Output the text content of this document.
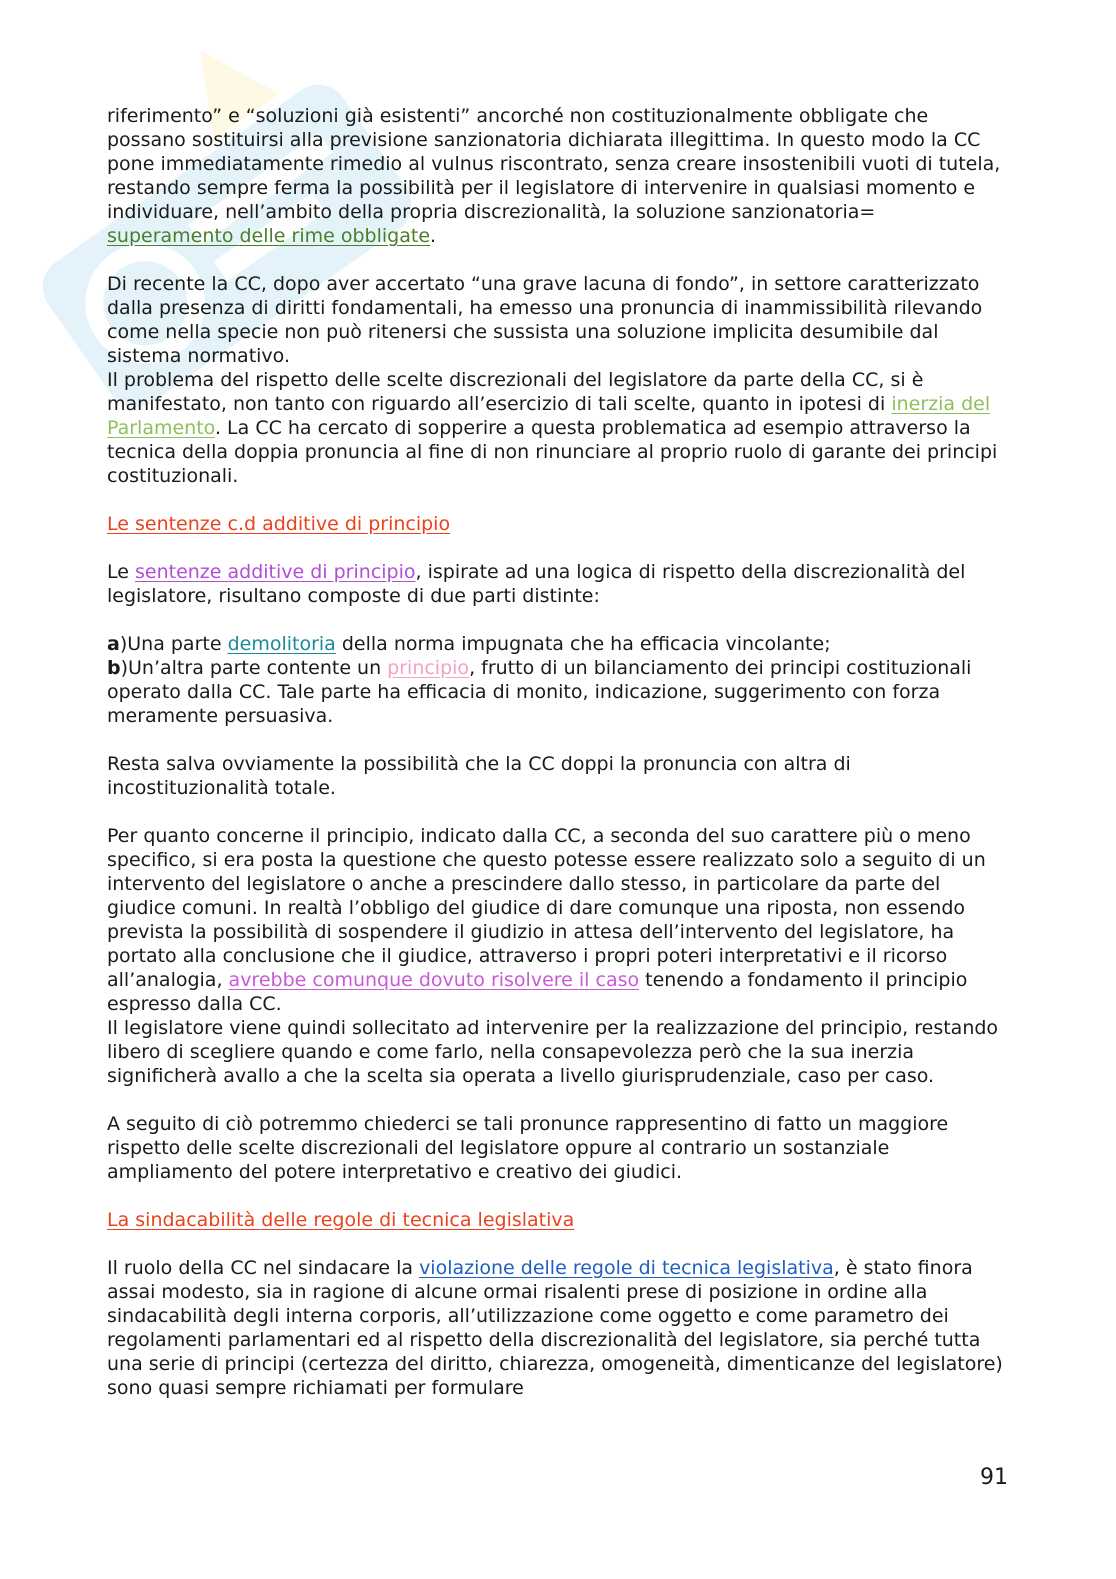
riferimento” e “soluzioni già esistenti” ancorché non costituzionalmente obbligate che possano sostituirsi alla previsione sanzionatoria dichiarata illegittima. In questo modo la CC pone immediatamente rimedio al vulnus riscontrato, senza creare insostenibili vuoti di tutela, restando sempre ferma la possibilità per il legislatore di intervenire in qualsiasi momento e individuare, nell’ambito della propria discrezionalità, la soluzione sanzionatoria= superamento delle rime obbligate.

Di recente la CC, dopo aver accertato “una grave lacuna di fondo”, in settore caratterizzato dalla presenza di diritti fondamentali, ha emesso una pronuncia di inammissibilità rilevando come nella specie non può ritenersi che sussista una soluzione implicita desumibile dal sistema normativo.

Il problema del rispetto delle scelte discrezionali del legislatore da parte della CC, si è manifestato, non tanto con riguardo all’esercizio di tali scelte, quanto in ipotesi di inerzia del Parlamento. La CC ha cercato di sopperire a questa problematica ad esempio attraverso la tecnica della doppia pronuncia al fine di non rinunciare al proprio ruolo di garante dei principi costituzionali.

Le sentenze c.d additive di principio

Le sentenze additive di principio, ispirate ad una logica di rispetto della discrezionalità del legislatore, risultano composte di due parti distinte:

a)Una parte demolitoria della norma impugnata che ha efficacia vincolante;

b)Un’altra parte contente un principio, frutto di un bilanciamento dei principi costituzionali operato dalla CC. Tale parte ha efficacia di monito, indicazione, suggerimento con forza meramente persuasiva.

Resta salva ovviamente la possibilità che la CC doppi la pronuncia con altra di incostituzionalità totale.

Per quanto concerne il principio, indicato dalla CC, a seconda del suo carattere più o meno specifico, si era posta la questione che questo potesse essere realizzato solo a seguito di un intervento del legislatore o anche a prescindere dallo stesso, in particolare da parte del giudice comuni. In realtà l’obbligo del giudice di dare comunque una riposta, non essendo prevista la possibilità di sospendere il giudizio in attesa dell’intervento del legislatore, ha portato alla conclusione che il giudice, attraverso i propri poteri interpretativi e il ricorso all’analogia, avrebbe comunque dovuto risolvere il caso tenendo a fondamento il principio espresso dalla CC.

Il legislatore viene quindi sollecitato ad intervenire per la realizzazione del principio, restando libero di scegliere quando e come farlo, nella consapevolezza però che la sua inerzia significherà avallo a che la scelta sia operata a livello giurisprudenziale, caso per caso.

A seguito di ciò potremmo chiederci se tali pronunce rappresentino di fatto un maggiore rispetto delle scelte discrezionali del legislatore oppure al contrario un sostanziale ampliamento del potere interpretativo e creativo dei giudici.

La sindacabilità delle regole di tecnica legislativa

Il ruolo della CC nel sindacare la violazione delle regole di tecnica legislativa, è stato finora assai modesto, sia in ragione di alcune ormai risalenti prese di posizione in ordine alla sindacabilità degli interna corporis, all’utilizzazione come oggetto e come parametro dei regolamenti parlamentari ed al rispetto della discrezionalità del legislatore, sia perché tutta una serie di principi (certezza del diritto, chiarezza, omogeneità, dimenticanze del legislatore) sono quasi sempre richiamati per formulare

91
